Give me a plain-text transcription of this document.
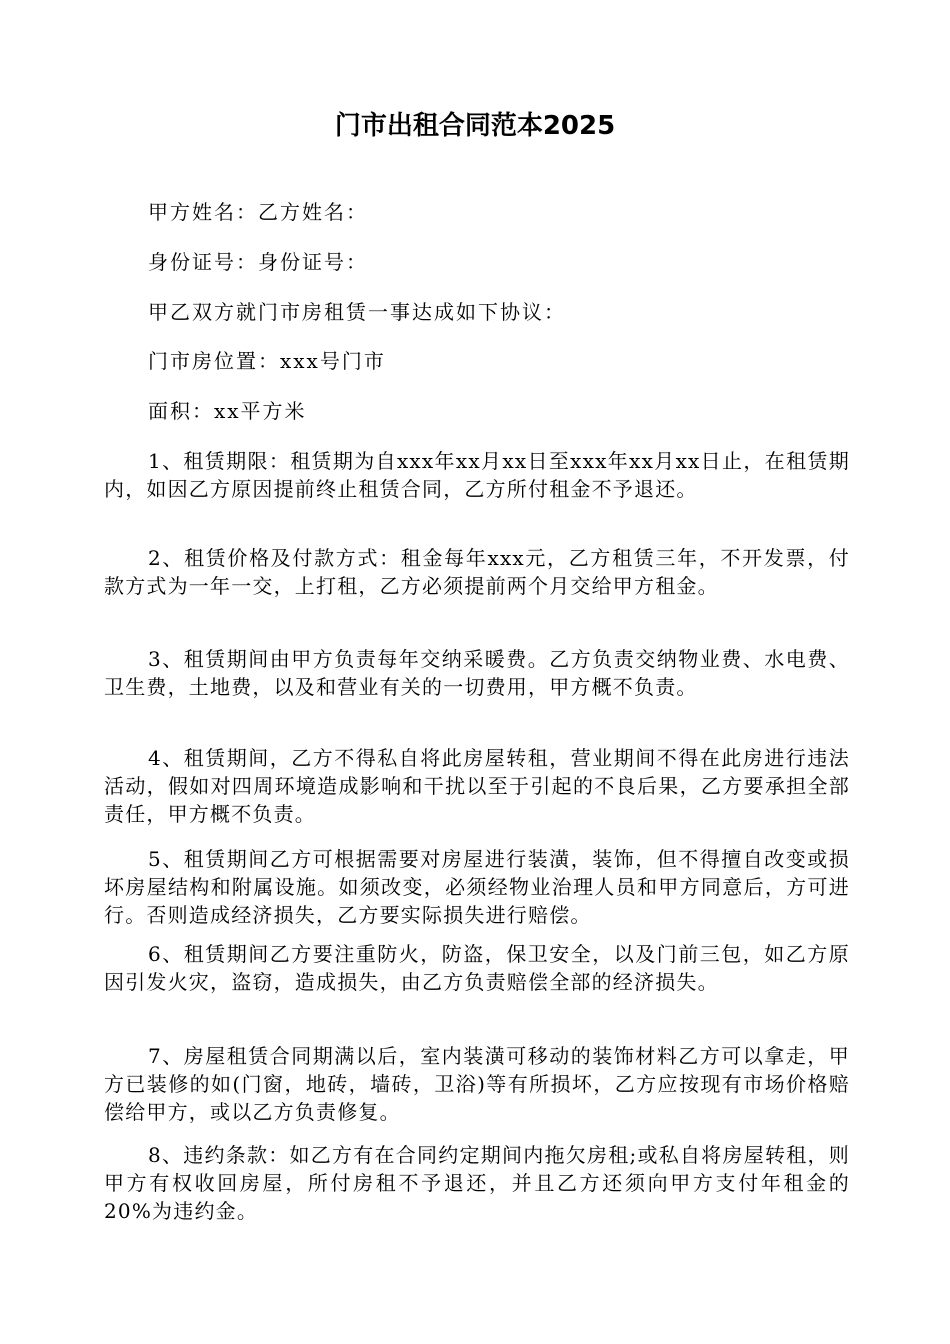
门市出租合同范本2025

甲方姓名：乙方姓名：

身份证号：身份证号：

甲乙双方就门市房租赁一事达成如下协议：

门市房位置：xxx号门市

面积：xx平方米

1、租赁期限：租赁期为自xxx年xx月xx日至xxx年xx月xx日止，在租赁期内，如因乙方原因提前终止租赁合同，乙方所付租金不予退还。

2、租赁价格及付款方式：租金每年xxx元，乙方租赁三年，不开发票，付款方式为一年一交，上打租，乙方必须提前两个月交给甲方租金。

3、租赁期间由甲方负责每年交纳采暖费。乙方负责交纳物业费、水电费、卫生费，土地费，以及和营业有关的一切费用，甲方概不负责。

4、租赁期间，乙方不得私自将此房屋转租，营业期间不得在此房进行违法活动，假如对四周环境造成影响和干扰以至于引起的不良后果，乙方要承担全部责任，甲方概不负责。

5、租赁期间乙方可根据需要对房屋进行装潢，装饰，但不得擅自改变或损坏房屋结构和附属设施。如须改变，必须经物业治理人员和甲方同意后，方可进行。否则造成经济损失，乙方要实际损失进行赔偿。

6、租赁期间乙方要注重防火，防盗，保卫安全，以及门前三包，如乙方原因引发火灾，盗窃，造成损失，由乙方负责赔偿全部的经济损失。

7、房屋租赁合同期满以后，室内装潢可移动的装饰材料乙方可以拿走，甲方已装修的如(门窗，地砖，墙砖，卫浴)等有所损坏，乙方应按现有市场价格赔偿给甲方，或以乙方负责修复。

8、违约条款：如乙方有在合同约定期间内拖欠房租;或私自将房屋转租，则甲方有权收回房屋，所付房租不予退还，并且乙方还须向甲方支付年租金的20%为违约金。
